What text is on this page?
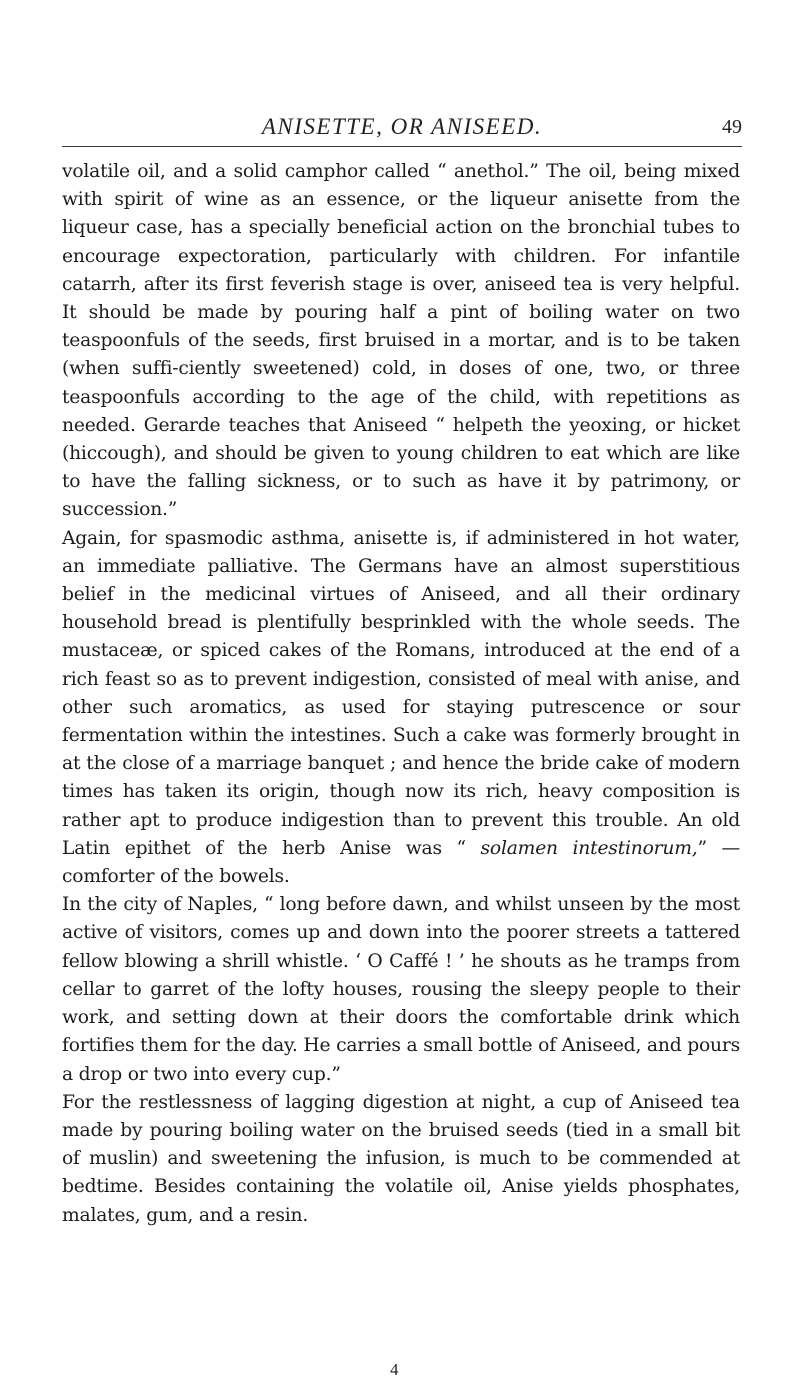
ANISETTE, OR ANISEED.	49

volatile oil, and a solid camphor called “ anethol.” The oil, being mixed with spirit of wine as an essence, or the liqueur anisette from the liqueur case, has a specially beneficial action on the bronchial tubes to encourage expectoration, particularly with children. For infantile catarrh, after its first feverish stage is over, aniseed tea is very helpful. It should be made by pouring half a pint of boiling water on two teaspoonfuls of the seeds, first bruised in a mortar, and is to be taken (when suffi-ciently sweetened) cold, in doses of one, two, or three teaspoonfuls according to the age of the child, with repetitions as needed. Gerarde teaches that Aniseed “ helpeth the yeoxing, or hicket (hiccough), and should be given to young children to eat which are like to have the falling sickness, or to such as have it by patrimony, or succession.”

Again, for spasmodic asthma, anisette is, if administered in hot water, an immediate palliative. The Germans have an almost superstitious belief in the medicinal virtues of Aniseed, and all their ordinary household bread is plentifully besprinkled with the whole seeds. The mustaceæ, or spiced cakes of the Romans, introduced at the end of a rich feast so as to prevent indigestion, consisted of meal with anise, and other such aromatics, as used for staying putrescence or sour fermentation within the intestines. Such a cake was formerly brought in at the close of a marriage banquet ; and hence the bride cake of modern times has taken its origin, though now its rich, heavy composition is rather apt to produce indigestion than to prevent this trouble. An old Latin epithet of the herb Anise was “ solamen intestinorum,” —comforter of the bowels.

In the city of Naples, “ long before dawn, and whilst unseen by the most active of visitors, comes up and down into the poorer streets a tattered fellow blowing a shrill whistle. ‘ O Caffé ! ’ he shouts as he tramps from cellar to garret of the lofty houses, rousing the sleepy people to their work, and setting down at their doors the comfortable drink which fortifies them for the day. He carries a small bottle of Aniseed, and pours a drop or two into every cup.”

For the restlessness of lagging digestion at night, a cup of Aniseed tea made by pouring boiling water on the bruised seeds (tied in a small bit of muslin) and sweetening the infusion, is much to be commended at bedtime. Besides containing the volatile oil, Anise yields phosphates, malates, gum, and a resin.

4
